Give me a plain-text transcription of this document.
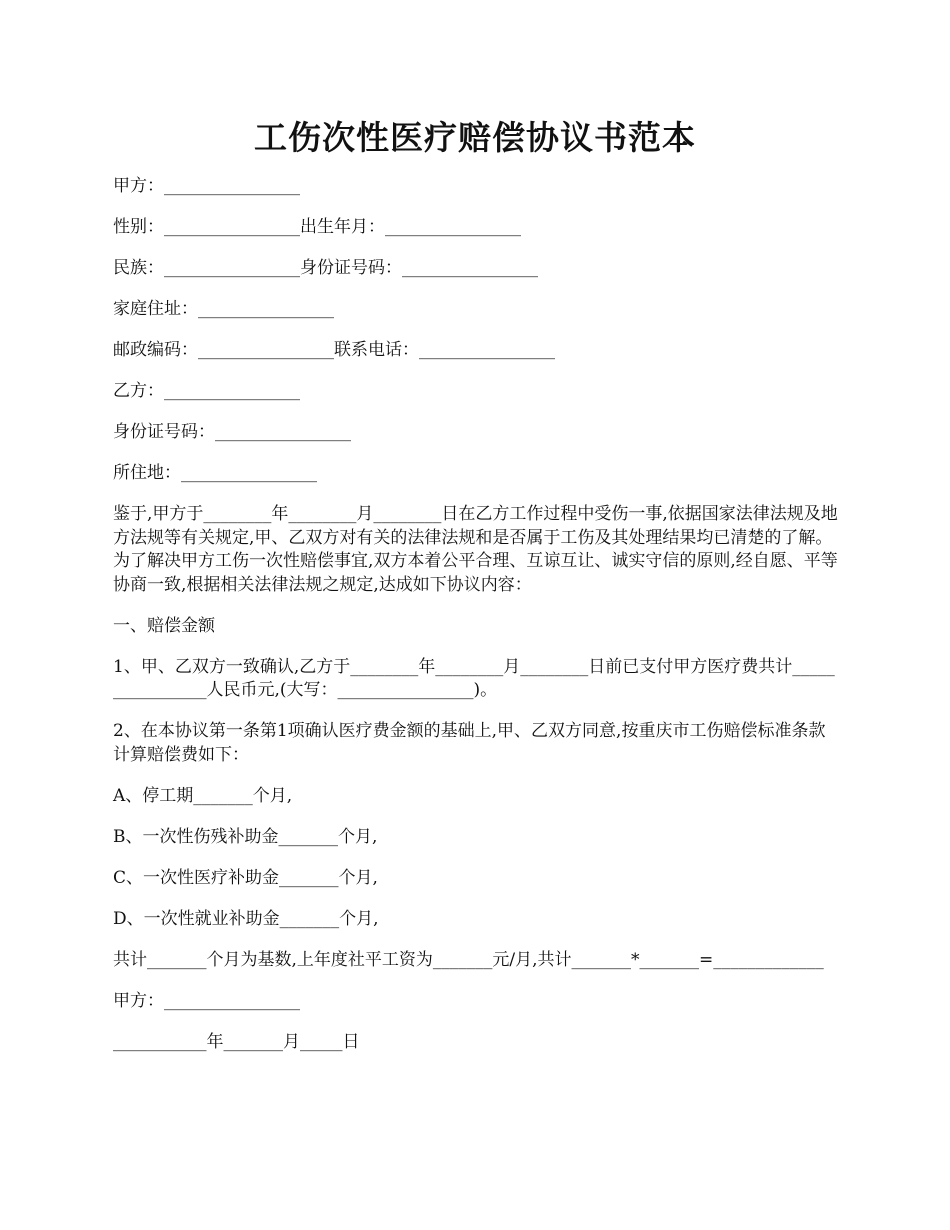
工伤次性医疗赔偿协议书范本

甲方：________________

性别：________________出生年月：________________

民族：________________身份证号码：________________

家庭住址：________________

邮政编码：________________联系电话：________________

乙方：________________

身份证号码：________________

所住地：________________

鉴于,甲方于________年________月________日在乙方工作过程中受伤一事,依据国家法律法规及地方法规等有关规定,甲、乙双方对有关的法律法规和是否属于工伤及其处理结果均已清楚的了解。为了解决甲方工伤一次性赔偿事宜,双方本着公平合理、互谅互让、诚实守信的原则,经自愿、平等协商一致,根据相关法律法规之规定,达成如下协议内容：

一、赔偿金额

1、甲、乙双方一致确认,乙方于________年________月________日前已支付甲方医疗费共计________________人民币元,(大写：________________)。

2、在本协议第一条第1项确认医疗费金额的基础上,甲、乙双方同意,按重庆市工伤赔偿标准条款计算赔偿费如下：

A、停工期_______个月,

B、一次性伤残补助金_______个月,

C、一次性医疗补助金_______个月,

D、一次性就业补助金_______个月,

共计_______个月为基数,上年度社平工资为_______元/月,共计_______*_______=_____________

甲方：________________

___________年_______月_____日
